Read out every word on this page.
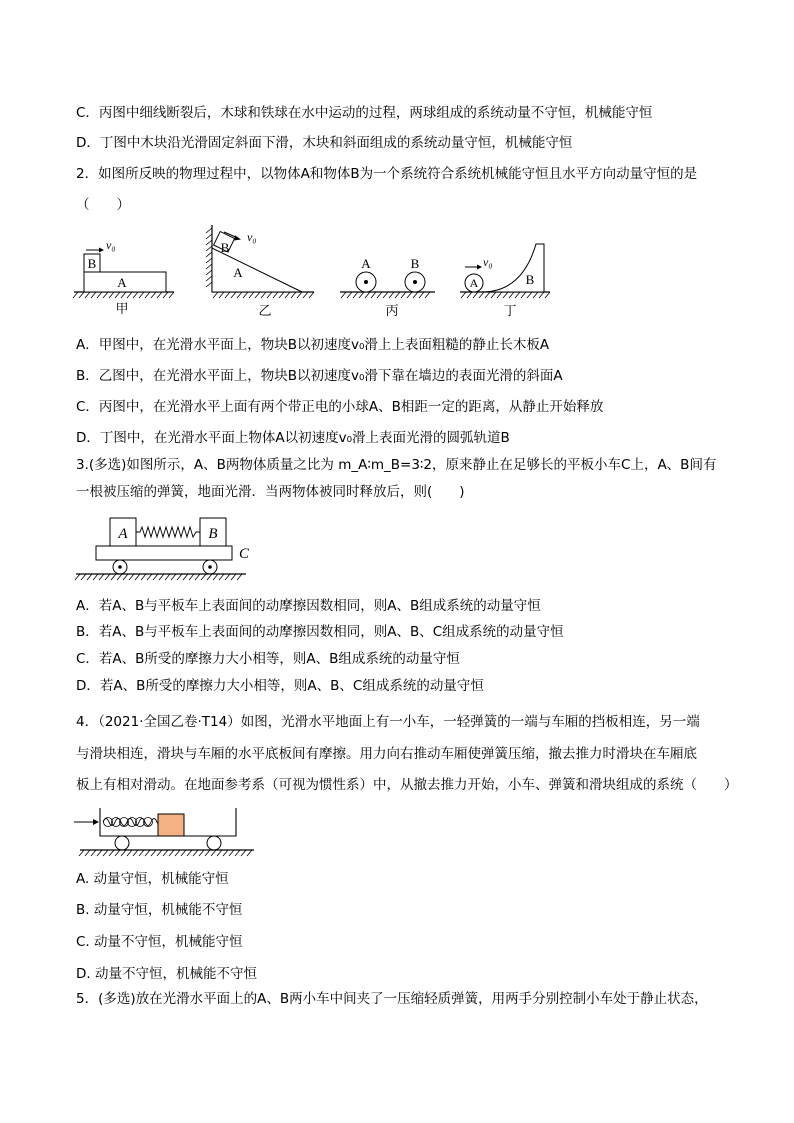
C．丙图中细线断裂后，木球和铁球在水中运动的过程，两球组成的系统动量不守恒，机械能守恒
D．丁图中木块沿光滑固定斜面下滑，木块和斜面组成的系统动量守恒，机械能守恒
2．如图所反映的物理过程中，以物体A和物体B为一个系统符合系统机械能守恒且水平方向动量守恒的是
（　　）
B
A
v₀
甲
B
v₀
A
乙
A	B
丙
A	B
v₀
丁
A．甲图中，在光滑水平面上，物块B以初速度v₀滑上上表面粗糙的静止长木板A
B．乙图中，在光滑水平面上，物块B以初速度v₀滑下靠在墙边的表面光滑的斜面A
C．丙图中，在光滑水平上面有两个带正电的小球A、B相距一定的距离，从静止开始释放
D．丁图中，在光滑水平面上物体A以初速度v₀滑上表面光滑的圆弧轨道B
3.(多选)如图所示，A、B两物体质量之比为 m_A∶m_B=3∶2，原来静止在足够长的平板小车C上，A、B间有
一根被压缩的弹簧，地面光滑．当两物体被同时释放后，则(　　)
A	B
C
A．若A、B与平板车上表面间的动摩擦因数相同，则A、B组成系统的动量守恒
B．若A、B与平板车上表面间的动摩擦因数相同，则A、B、C组成系统的动量守恒
C．若A、B所受的摩擦力大小相等，则A、B组成系统的动量守恒
D．若A、B所受的摩擦力大小相等，则A、B、C组成系统的动量守恒
4．（2021·全国乙卷·T14）如图，光滑水平地面上有一小车，一轻弹簧的一端与车厢的挡板相连，另一端
与滑块相连，滑块与车厢的水平底板间有摩擦。用力向右推动车厢使弹簧压缩，撤去推力时滑块在车厢底
板上有相对滑动。在地面参考系（可视为惯性系）中，从撤去推力开始，小车、弹簧和滑块组成的系统（　　）
A. 动量守恒，机械能守恒
B. 动量守恒，机械能不守恒
C. 动量不守恒，机械能守恒
D. 动量不守恒，机械能不守恒
5．(多选)放在光滑水平面上的A、B两小车中间夹了一压缩轻质弹簧，用两手分别控制小车处于静止状态，
